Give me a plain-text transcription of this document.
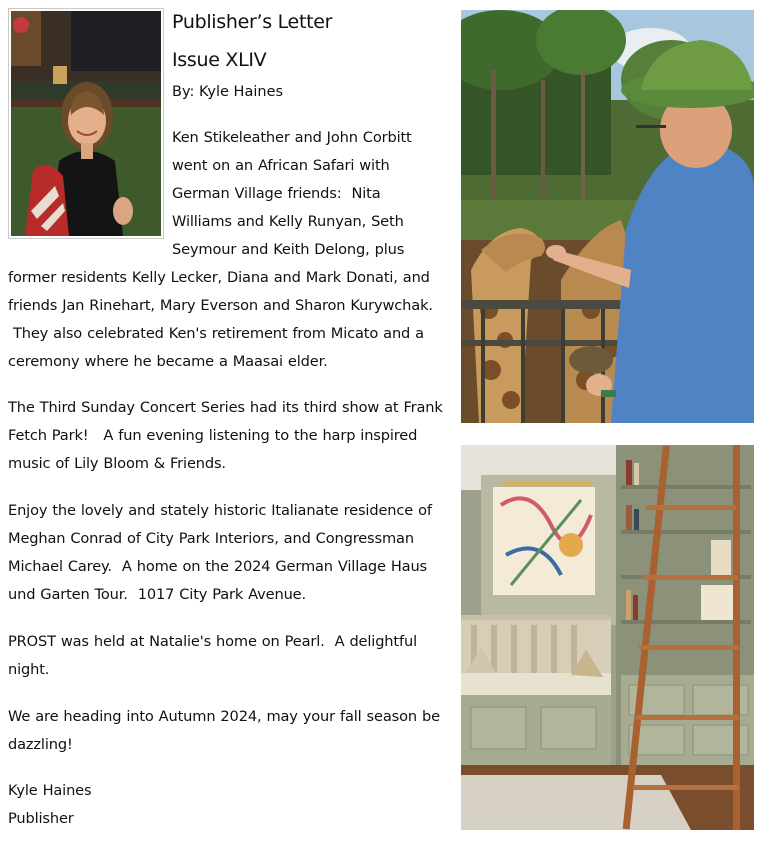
Publisher’s Letter
Issue XLIV
By: Kyle Haines

Ken Stikeleather and John Corbitt
went on an African Safari with
German Village friends:  Nita
Williams and Kelly Runyan, Seth
Seymour and Keith Delong, plus

former residents Kelly Lecker, Diana and Mark Donati, and
friends Jan Rinehart, Mary Everson and Sharon Kurywchak.
They also celebrated Ken's retirement from Micato and a
ceremony where he became a Maasai elder.

The Third Sunday Concert Series had its third show at Frank
Fetch Park!   A fun evening listening to the harp inspired
music of Lily Bloom & Friends.

Enjoy the lovely and stately historic Italianate residence of
Meghan Conrad of City Park Interiors, and Congressman
Michael Carey.  A home on the 2024 German Village Haus
und Garten Tour.  1017 City Park Avenue.

PROST was held at Natalie's home on Pearl.  A delightful
night.

We are heading into Autumn 2024, may your fall season be
dazzling!

Kyle Haines
Publisher
